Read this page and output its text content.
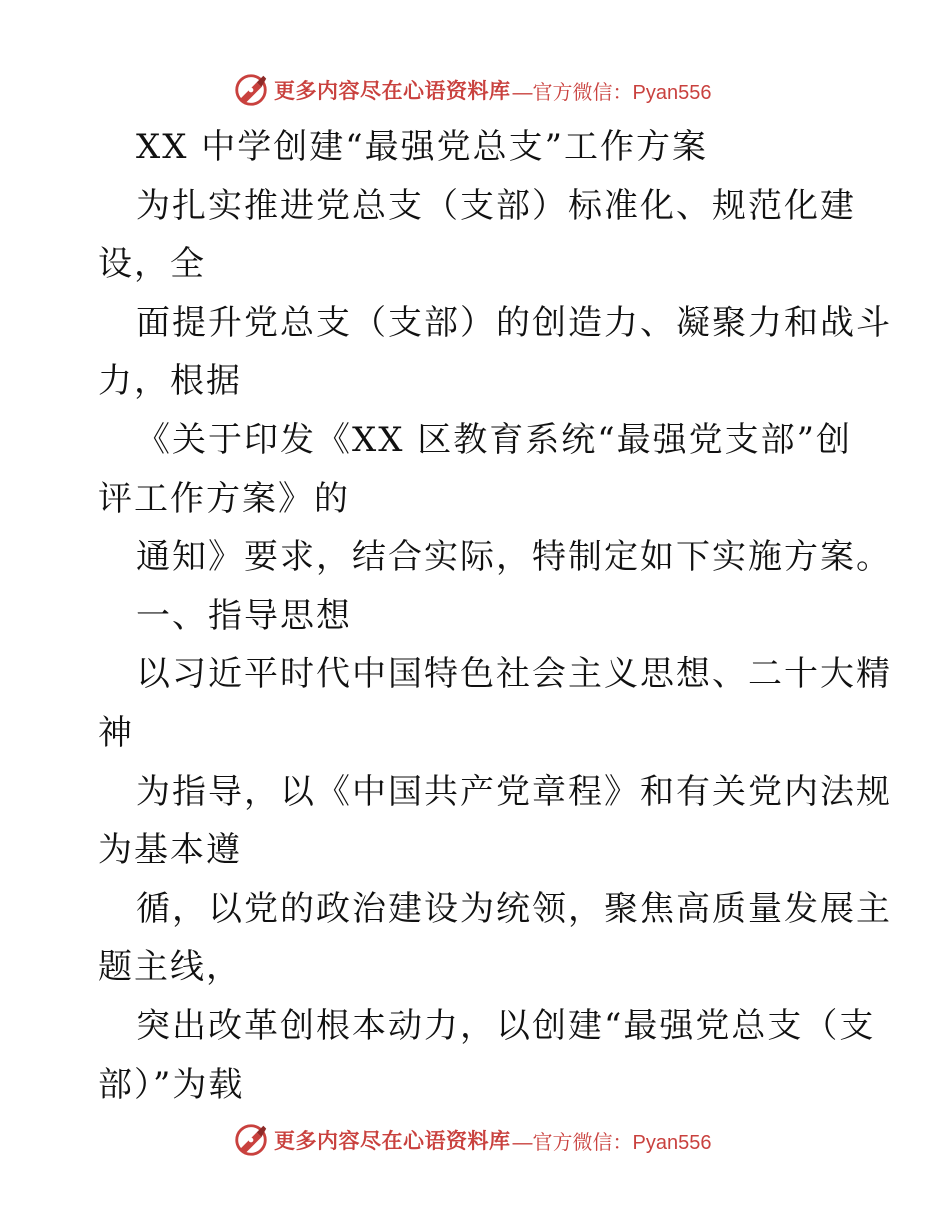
更多内容尽在心语资料库 —官方微信：Pyan556
XX 中学创建“最强党总支”工作方案
为扎实推进党总支（支部）标准化、规范化建
设，全
面提升党总支（支部）的创造力、凝聚力和战斗
力，根据
《关于印发《XX 区教育系统“最强党支部”创
评工作方案》的
通知》要求，结合实际，特制定如下实施方案。
一、指导思想
以习近平时代中国特色社会主义思想、二十大精
神
为指导，以《中国共产党章程》和有关党内法规
为基本遵
循，以党的政治建设为统领，聚焦高质量发展主
题主线，
突出改革创根本动力，以创建“最强党总支（支
部）”为载
更多内容尽在心语资料库 —官方微信：Pyan556
